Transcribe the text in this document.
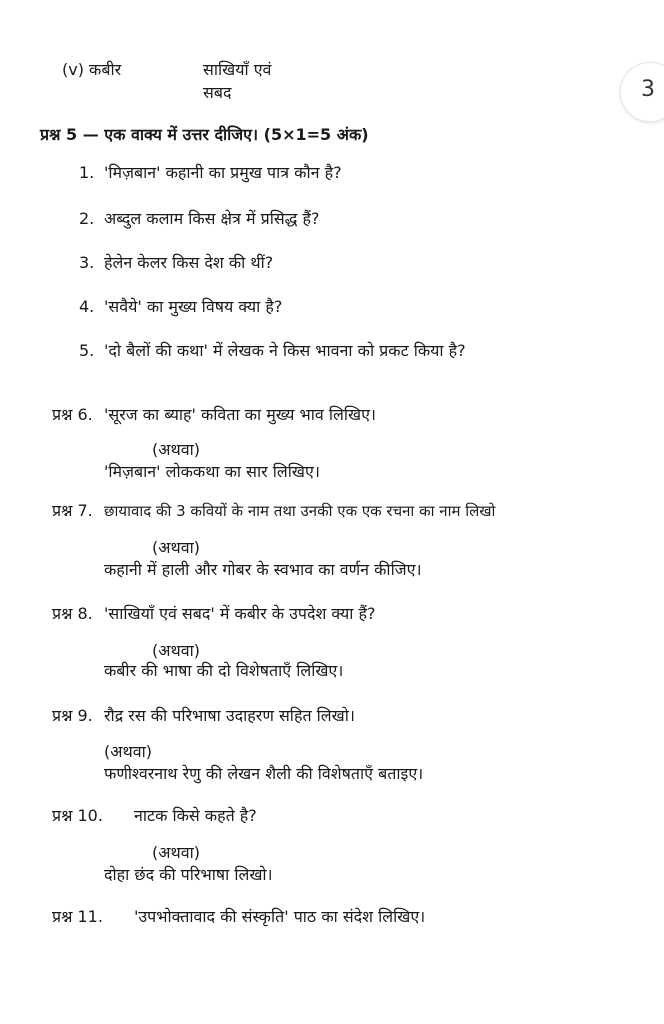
3
(v) कबीर	साखियाँ एवं
सबद
प्रश्न 5 — एक वाक्य में उत्तर दीजिए। (5×1=5 अंक)
1. 'मिज़बान' कहानी का प्रमुख पात्र कौन है?
2. अब्दुल कलाम किस क्षेत्र में प्रसिद्ध हैं?
3. हेलेन केलर किस देश की थीं?
4. 'सवैये' का मुख्य विषय क्या है?
5. 'दो बैलों की कथा' में लेखक ने किस भावना को प्रकट किया है?
प्रश्न 6. 'सूरज का ब्याह' कविता का मुख्य भाव लिखिए।
(अथवा)
'मिज़बान' लोककथा का सार लिखिए।
प्रश्न 7. छायावाद की 3 कवियों के नाम तथा उनकी एक एक रचना का नाम लिखो
(अथवा)
कहानी में हाली और गोबर के स्वभाव का वर्णन कीजिए।
प्रश्न 8. 'साखियाँ एवं सबद' में कबीर के उपदेश क्या हैं?
(अथवा)
कबीर की भाषा की दो विशेषताएँ लिखिए।
प्रश्न 9. रौद्र रस की परिभाषा उदाहरण सहित लिखो।
(अथवा)
फणीश्वरनाथ रेणु की लेखन शैली की विशेषताएँ बताइए।
प्रश्न 10. नाटक किसे कहते है?
(अथवा)
दोहा छंद की परिभाषा लिखो।
प्रश्न 11. 'उपभोक्तावाद की संस्कृति' पाठ का संदेश लिखिए।
